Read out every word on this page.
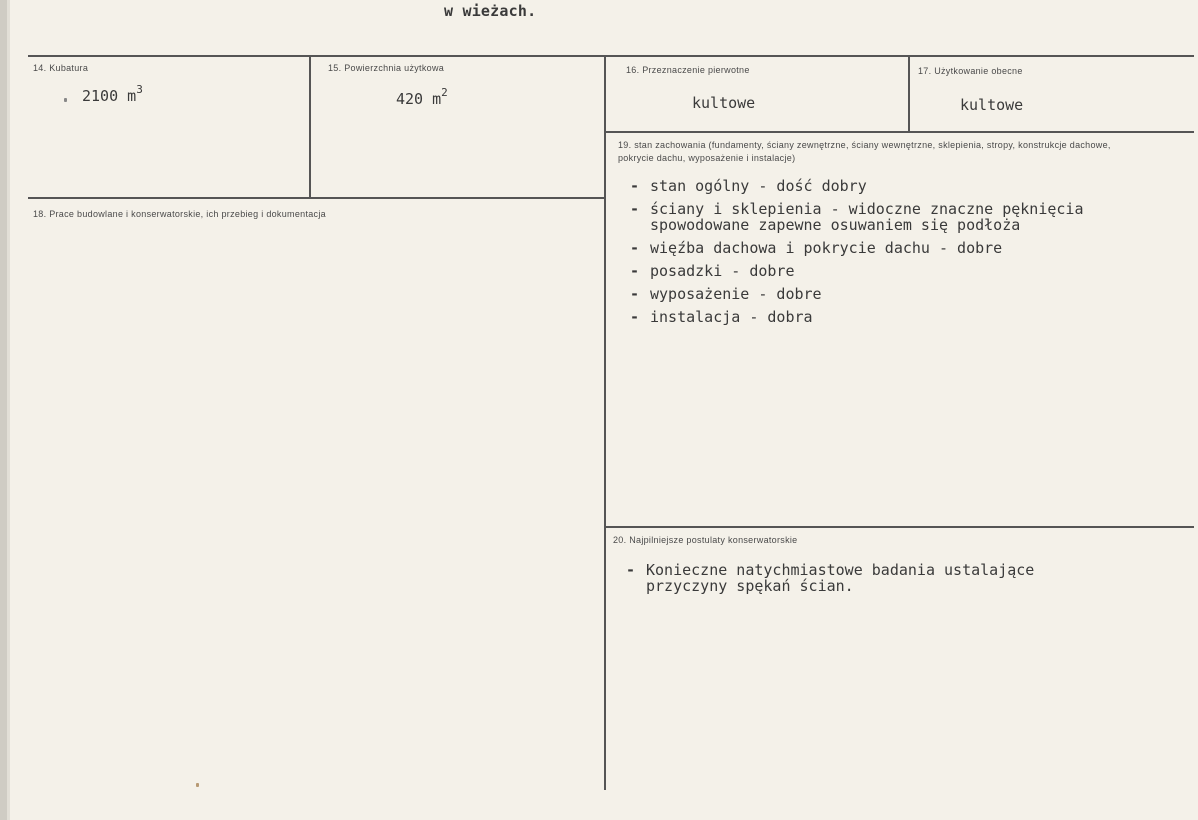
w wieżach.
14. Kubatura
2100 $m^3$
15. Powierzchnia użytkowa
420 $m^2$
16. Przeznaczenie pierwotne
kultowe
17. Użytkowanie obecne
kultowe
18. Prace budowlane i konserwatorskie, ich przebieg i dokumentacja
19. stan zachowania (fundamenty, ściany zewnętrzne, ściany wewnętrzne, sklepienia, stropy, konstrukcje dachowe, pokrycie dachu, wyposażenie i instalacje)
- stan ogólny - dość dobry
- ściany i sklepienia - widoczne znaczne pęknięcia
spowodowane zapewne osuwaniem się podłoża
- więźba dachowa i pokrycie dachu - dobre
- posadzki - dobre
- wyposażenie - dobre
- instalacja - dobra
20. Najpilniejsze postulaty konserwatorskie
- Konieczne natychmiastowe badania ustalające
przyczyny spękań ścian.
